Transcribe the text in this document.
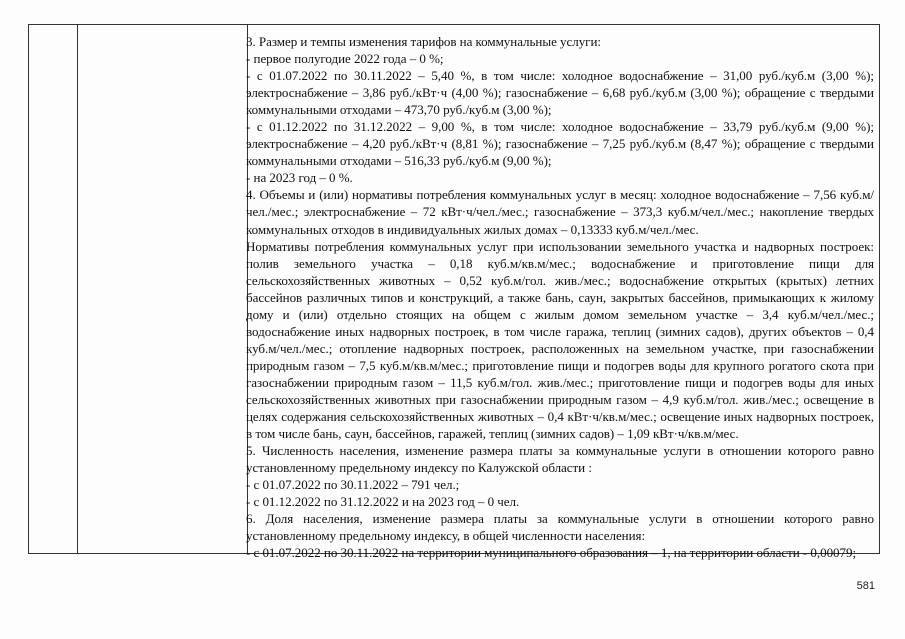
3. Размер и темпы изменения тарифов на коммунальные услуги:

- первое полугодие 2022 года – 0 %;

- с 01.07.2022 по 30.11.2022 – 5,40 %, в том числе: холодное водоснабжение – 31,00 руб./куб.м (3,00 %); электроснабжение – 3,86 руб./кВт·ч (4,00 %); газоснабжение – 6,68 руб./куб.м (3,00 %); обращение с твердыми коммунальными отходами – 473,70 руб./куб.м (3,00 %);

- с 01.12.2022 по 31.12.2022 – 9,00 %, в том числе: холодное водоснабжение – 33,79 руб./куб.м (9,00 %); электроснабжение – 4,20 руб./кВт·ч (8,81 %); газоснабжение – 7,25 руб./куб.м (8,47 %); обращение с твердыми коммунальными отходами – 516,33 руб./куб.м (9,00 %);

- на 2023 год – 0 %.

4. Объемы и (или) нормативы потребления коммунальных услуг в месяц: холодное водоснабжение – 7,56 куб.м/чел./мес.; электроснабжение – 72 кВт·ч/чел./мес.; газоснабжение – 373,3 куб.м/чел./мес.; накопление твердых коммунальных отходов в индивидуальных жилых домах – 0,13333 куб.м/чел./мес.

Нормативы потребления коммунальных услуг при использовании земельного участка и надворных построек: полив земельного участка – 0,18 куб.м/кв.м/мес.; водоснабжение и приготовление пищи для сельскохозяйственных животных – 0,52 куб.м/гол. жив./мес.; водоснабжение открытых (крытых) летних бассейнов различных типов и конструкций, а также бань, саун, закрытых бассейнов, примыкающих к жилому дому и (или) отдельно стоящих на общем с жилым домом земельном участке – 3,4 куб.м/чел./мес.; водоснабжение иных надворных построек, в том числе гаража, теплиц (зимних садов), других объектов – 0,4 куб.м/чел./мес.; отопление надворных построек, расположенных на земельном участке, при газоснабжении природным газом – 7,5 куб.м/кв.м/мес.; приготовление пищи и подогрев воды для крупного рогатого скота при газоснабжении природным газом – 11,5 куб.м/гол. жив./мес.; приготовление пищи и подогрев воды для иных сельскохозяйственных животных при газоснабжении природным газом – 4,9 куб.м/гол. жив./мес.; освещение в целях содержания сельскохозяйственных животных – 0,4 кВт·ч/кв.м/мес.; освещение иных надворных построек, в том числе бань, саун, бассейнов, гаражей, теплиц (зимних садов) – 1,09 кВт·ч/кв.м/мес.

5. Численность населения, изменение размера платы за коммунальные услуги в отношении которого равно установленному предельному индексу по Калужской области :

- с 01.07.2022 по 30.11.2022 – 791 чел.;

- с 01.12.2022 по 31.12.2022 и на 2023 год – 0 чел.

6. Доля населения, изменение размера платы за коммунальные услуги в отношении которого равно установленному предельному индексу, в общей численности населения:

- с 01.07.2022 по 30.11.2022 на территории муниципального образования – 1, на территории области - 0,00079;

581
